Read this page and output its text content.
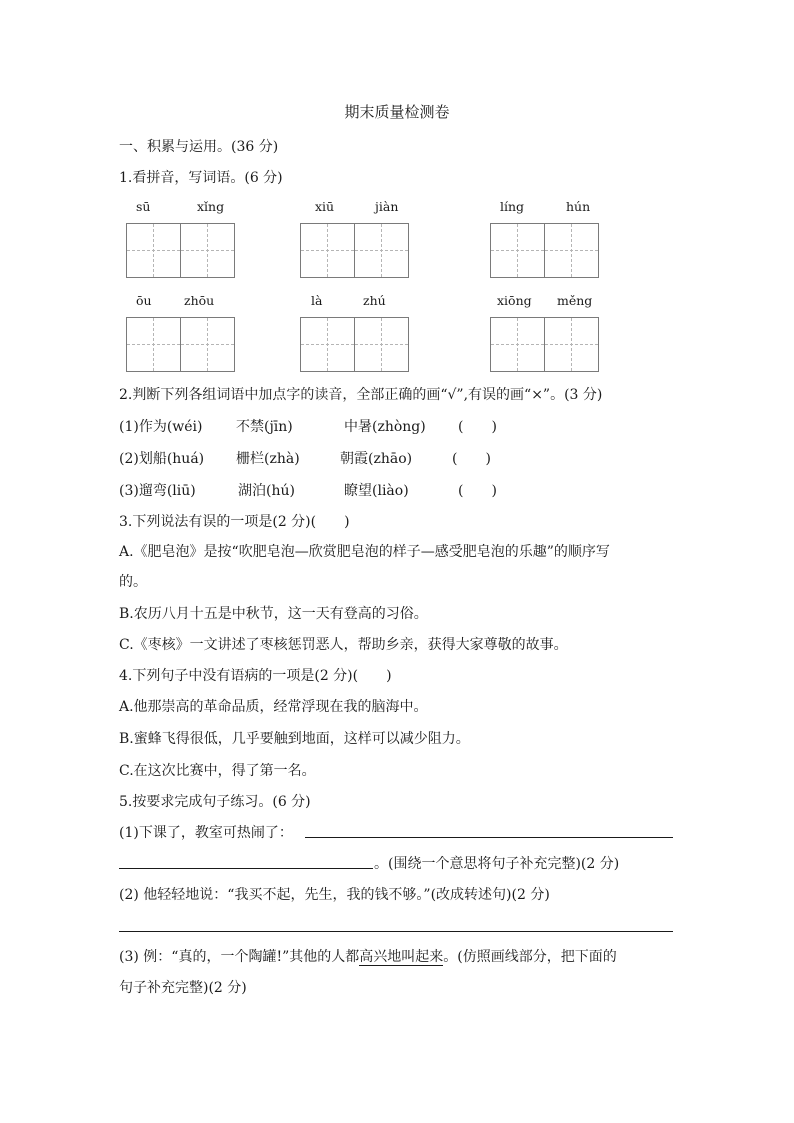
期末质量检测卷
一、积累与运用。(36 分)
1.看拼音，写词语。(6 分)
sū	xǐng	xiū	jiàn	líng	hún
ōu	zhōu	là	zhú	xiōng měng
2.判断下列各组词语中加点字的读音，全部正确的画“√”,有误的画“×”。(3 分)
(1)作为(wéi) 不禁(jīn)	中暑(zhòng) (　　)
(2)划船(huá) 栅栏(zhà)	朝霞(zhāo)	(　　)
(3)遛弯(liū)	湖泊(hú)	瞭望(liào)	(　　)
3.下列说法有误的一项是(2 分)(　　)
A.《肥皂泡》是按“吹肥皂泡—欣赏肥皂泡的样子—感受肥皂泡的乐趣”的顺序写
的。
B.农历八月十五是中秋节，这一天有登高的习俗。
C.《枣核》一文讲述了枣核惩罚恶人，帮助乡亲，获得大家尊敬的故事。
4.下列句子中没有语病的一项是(2 分)(　　)
A.他那崇高的革命品质，经常浮现在我的脑海中。
B.蜜蜂飞得很低，几乎要触到地面，这样可以减少阻力。
C.在这次比赛中，得了第一名。
5.按要求完成句子练习。(6 分)
(1)下课了，教室可热闹了：
。(围绕一个意思将句子补充完整)(2 分)
(2) 他轻轻地说：“我买不起，先生，我的钱不够。”(改成转述句)(2 分)
(3) 例：“真的，一个陶罐!”其他的人都高兴地叫起来。(仿照画线部分，把下面的
句子补充完整)(2 分)
